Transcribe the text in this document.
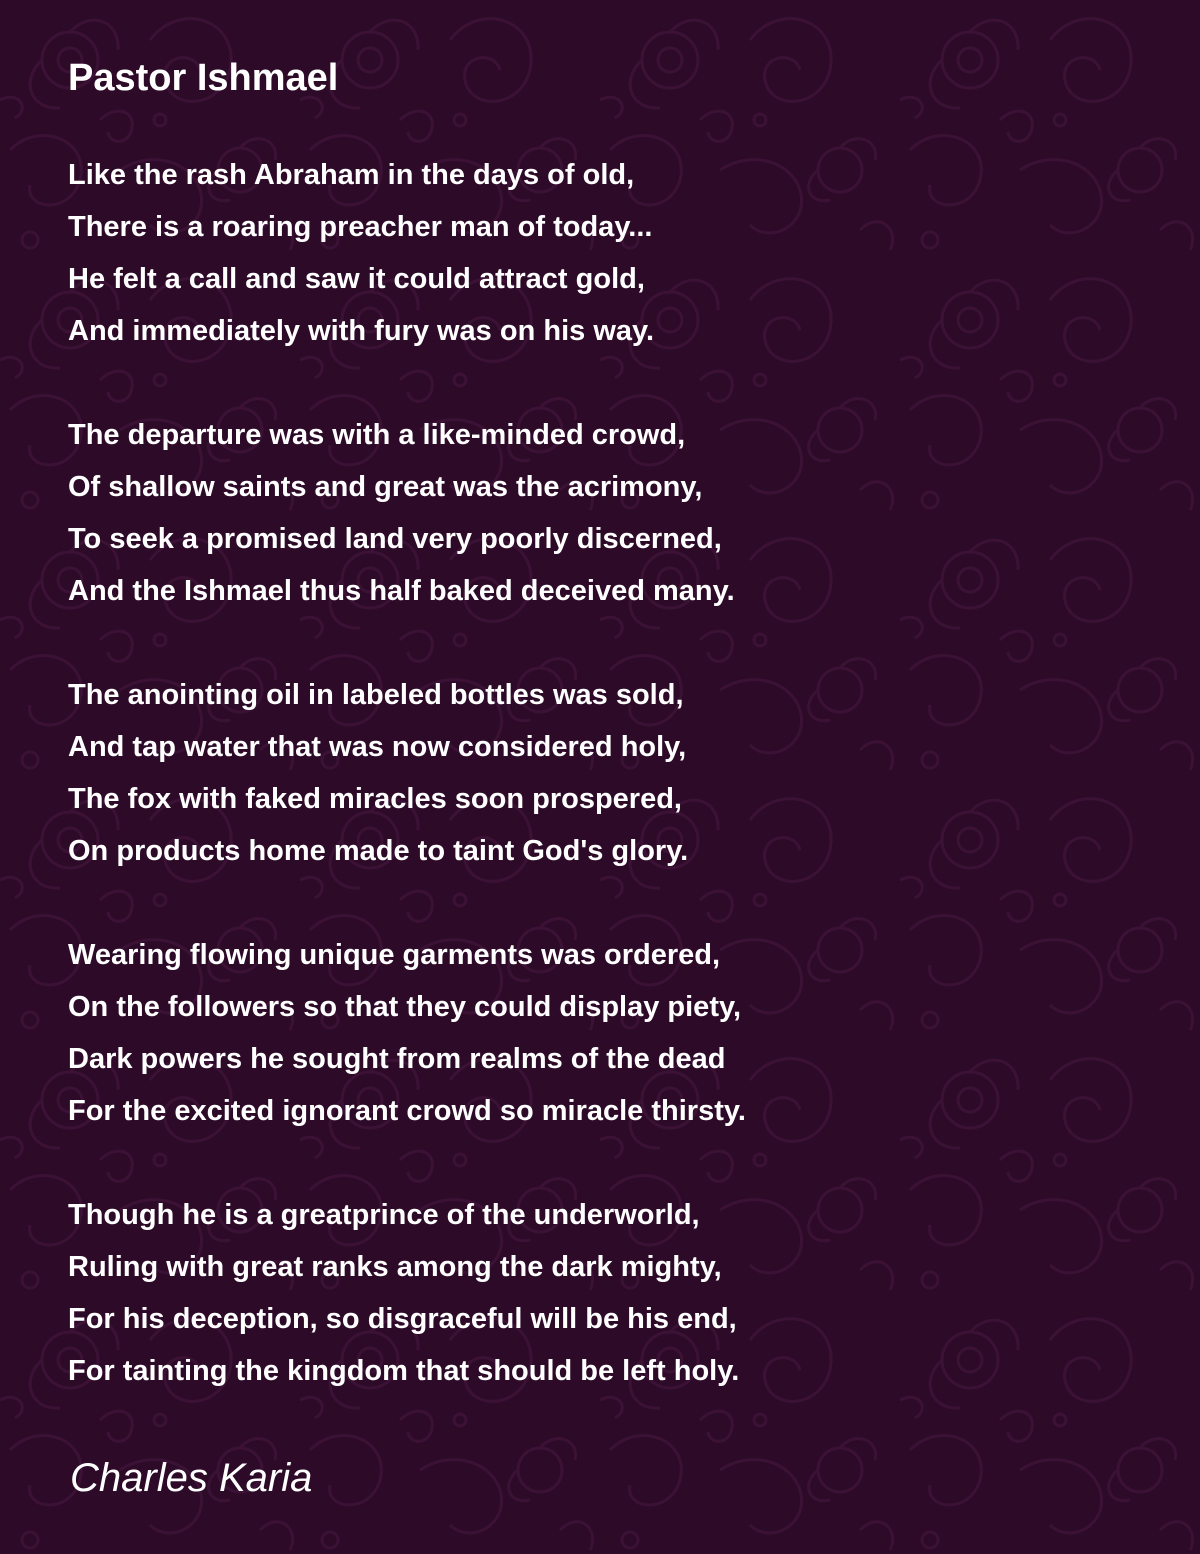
Pastor Ishmael

Like the rash Abraham in the days of old,

There is a roaring preacher man of today...

He felt a call and saw it could attract gold,

And immediately with fury was on his way.

The departure was with a like-minded crowd,

Of shallow saints and great was the acrimony,

To seek a promised land very poorly discerned,

And the Ishmael thus half baked deceived many.

The anointing oil in labeled bottles was sold,

And tap water that was now considered holy,

The fox with faked miracles soon prospered,

On products home made to taint God's glory.

Wearing flowing unique garments was ordered,

On the followers so that they could display piety,

Dark powers he sought from realms of the dead

For the excited ignorant crowd so miracle thirsty.

Though he is a greatprince of the underworld,

Ruling with great ranks among the dark mighty,

For his deception, so disgraceful will be his end,

For tainting the kingdom that should be left holy.

Charles Karia
